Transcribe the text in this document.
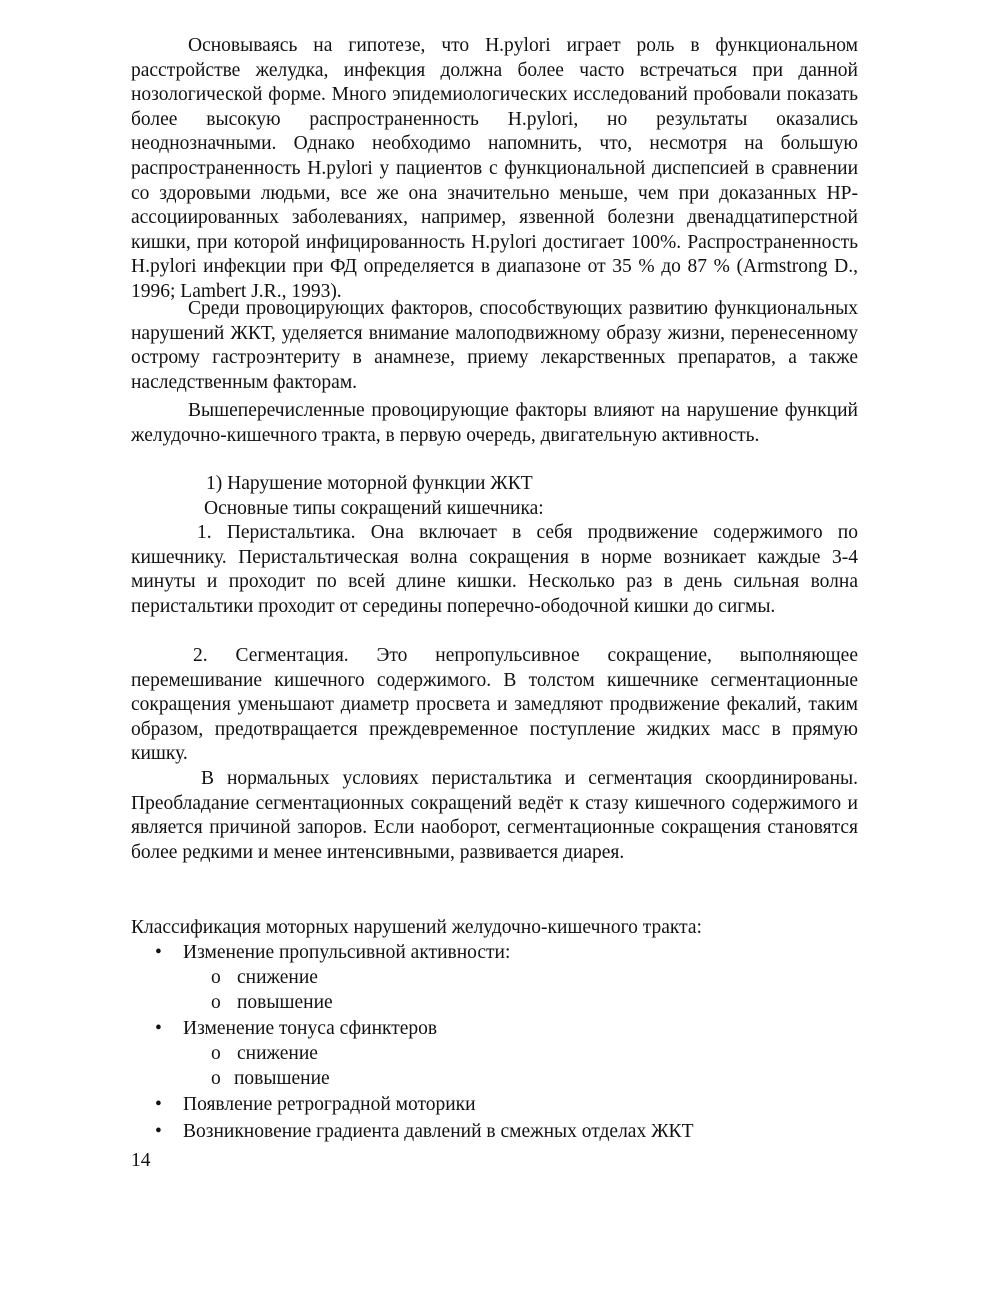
Основываясь на гипотезе, что H.pylori играет роль в функциональном расстройстве желудка, инфекция должна более часто встречаться при данной нозологической форме. Много эпидемиологических исследований пробовали показать более высокую распространенность H.pylori, но результаты оказались неоднозначными. Однако необходимо напомнить, что, несмотря на большую распространенность H.pylori у пациентов с функциональной диспепсией в сравнении со здоровыми людьми, все же она значительно меньше, чем при доказанных HP-ассоциированных заболеваниях, например, язвенной болезни двенадцатиперстной кишки, при которой инфицированность H.pylori достигает 100%. Распространенность H.pylori инфекции при ФД определяется в диапазоне от 35 % до 87 % (Armstrong D., 1996; Lambert J.R., 1993).

Среди провоцирующих факторов, способствующих развитию функциональных нарушений ЖКТ, уделяется внимание малоподвижному образу жизни, перенесенному острому гастроэнтериту в анамнезе, приему лекарственных препаратов, а также наследственным факторам.

Вышеперечисленные провоцирующие факторы влияют на нарушение функций желудочно-кишечного тракта, в первую очередь, двигательную активность.

1) Нарушение моторной функции ЖКТ

Основные типы сокращений кишечника:

1. Перистальтика. Она включает в себя продвижение содержимого по кишечнику. Перистальтическая волна сокращения в норме возникает каждые 3-4 минуты и проходит по всей длине кишки. Несколько раз в день сильная волна перистальтики проходит от середины поперечно-ободочной кишки до сигмы.

2. Сегментация. Это непропульсивное сокращение, выполняющее перемешивание кишечного содержимого. В толстом кишечнике сегментационные сокращения уменьшают диаметр просвета и замедляют продвижение фекалий, таким образом, предотвращается преждевременное поступление жидких масс в прямую кишку.

В нормальных условиях перистальтика и сегментация скоординированы. Преобладание сегментационных сокращений ведёт к стазу кишечного содержимого и является причиной запоров. Если наоборот, сегментационные сокращения становятся более редкими и менее интенсивными, развивается диарея.

Классификация моторных нарушений желудочно-кишечного тракта:

• Изменение пропульсивной активности:
o снижение
o повышение
• Изменение тонуса сфинктеров
o снижение
o повышение
• Появление ретроградной моторики
• Возникновение градиента давлений в смежных отделах ЖКТ

14
